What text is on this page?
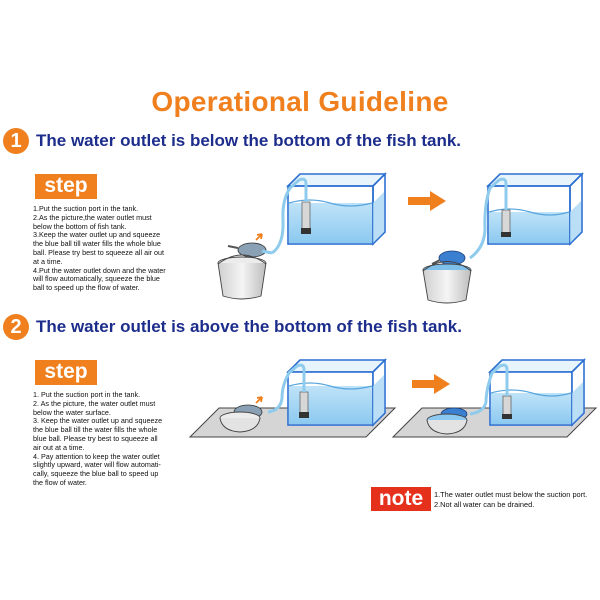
Operational Guideline
1 The water outlet is below the bottom of the fish tank.
step
1.Put the suction port in the tank.
2.As the picture,the water outlet must
below the bottom of fish tank.
3.Keep the water outlet up and squeeze
the blue ball till water fills the whole blue
ball. Please try best to squeeze all air out
at a time.
4.Put the water outlet down and the water
will flow automatically, squeeze the blue
ball to speed up the flow of water.
2 The water outlet is above the bottom of the fish tank.
step
1. Put the suction port in the tank.
2. As the picture, the water outlet must
below the water surface.
3. Keep the water outlet up and squeeze
the blue ball till the water fills the whole
blue ball. Please try best to squeeze all
air out at a time.
4. Pay attention to keep the water outlet
slightly upward, water will flow automati-
cally, squeeze the blue ball to speed up
the flow of water.
note	1.The water outlet must below the suction port.
2.Not all water can be drained.
